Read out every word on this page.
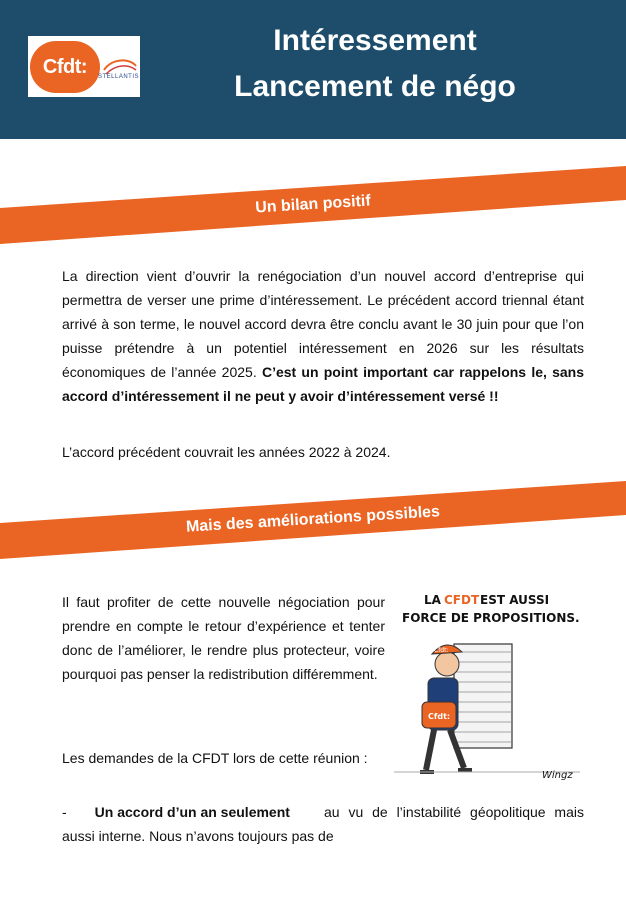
Cfdt:	STELLANTIS
Intéressement
Lancement de négo
Un bilan positif
La direction vient d’ouvrir la renégociation d’un nouvel accord d’entreprise qui permettra de verser une prime d’intéressement. Le précédent accord triennal étant arrivé à son terme, le nouvel accord devra être conclu avant le 30 juin pour que l’on puisse prétendre à un potentiel intéressement en 2026 sur les résultats économiques de l’année 2025. C’est un point important car rappelons le, sans accord d’intéressement il ne peut y avoir d’intéressement versé !!
L’accord précédent couvrait les années 2022 à 2024.
Mais des améliorations possibles
Il faut profiter de cette nouvelle négociation pour prendre en compte le retour d’expérience et tenter donc de l’améliorer, le rendre plus protecteur, voire pourquoi pas penser la redistribution différemment.
Les demandes de la CFDT lors de cette réunion :
- Un accord d’un an seulement	au vu de l’instabilité géopolitique mais aussi interne. Nous n’avons toujours pas de
LA CFDT EST AUSSI
FORCE DE PROPOSITIONS.
Cfdt:
Cfdt:
Wingz
